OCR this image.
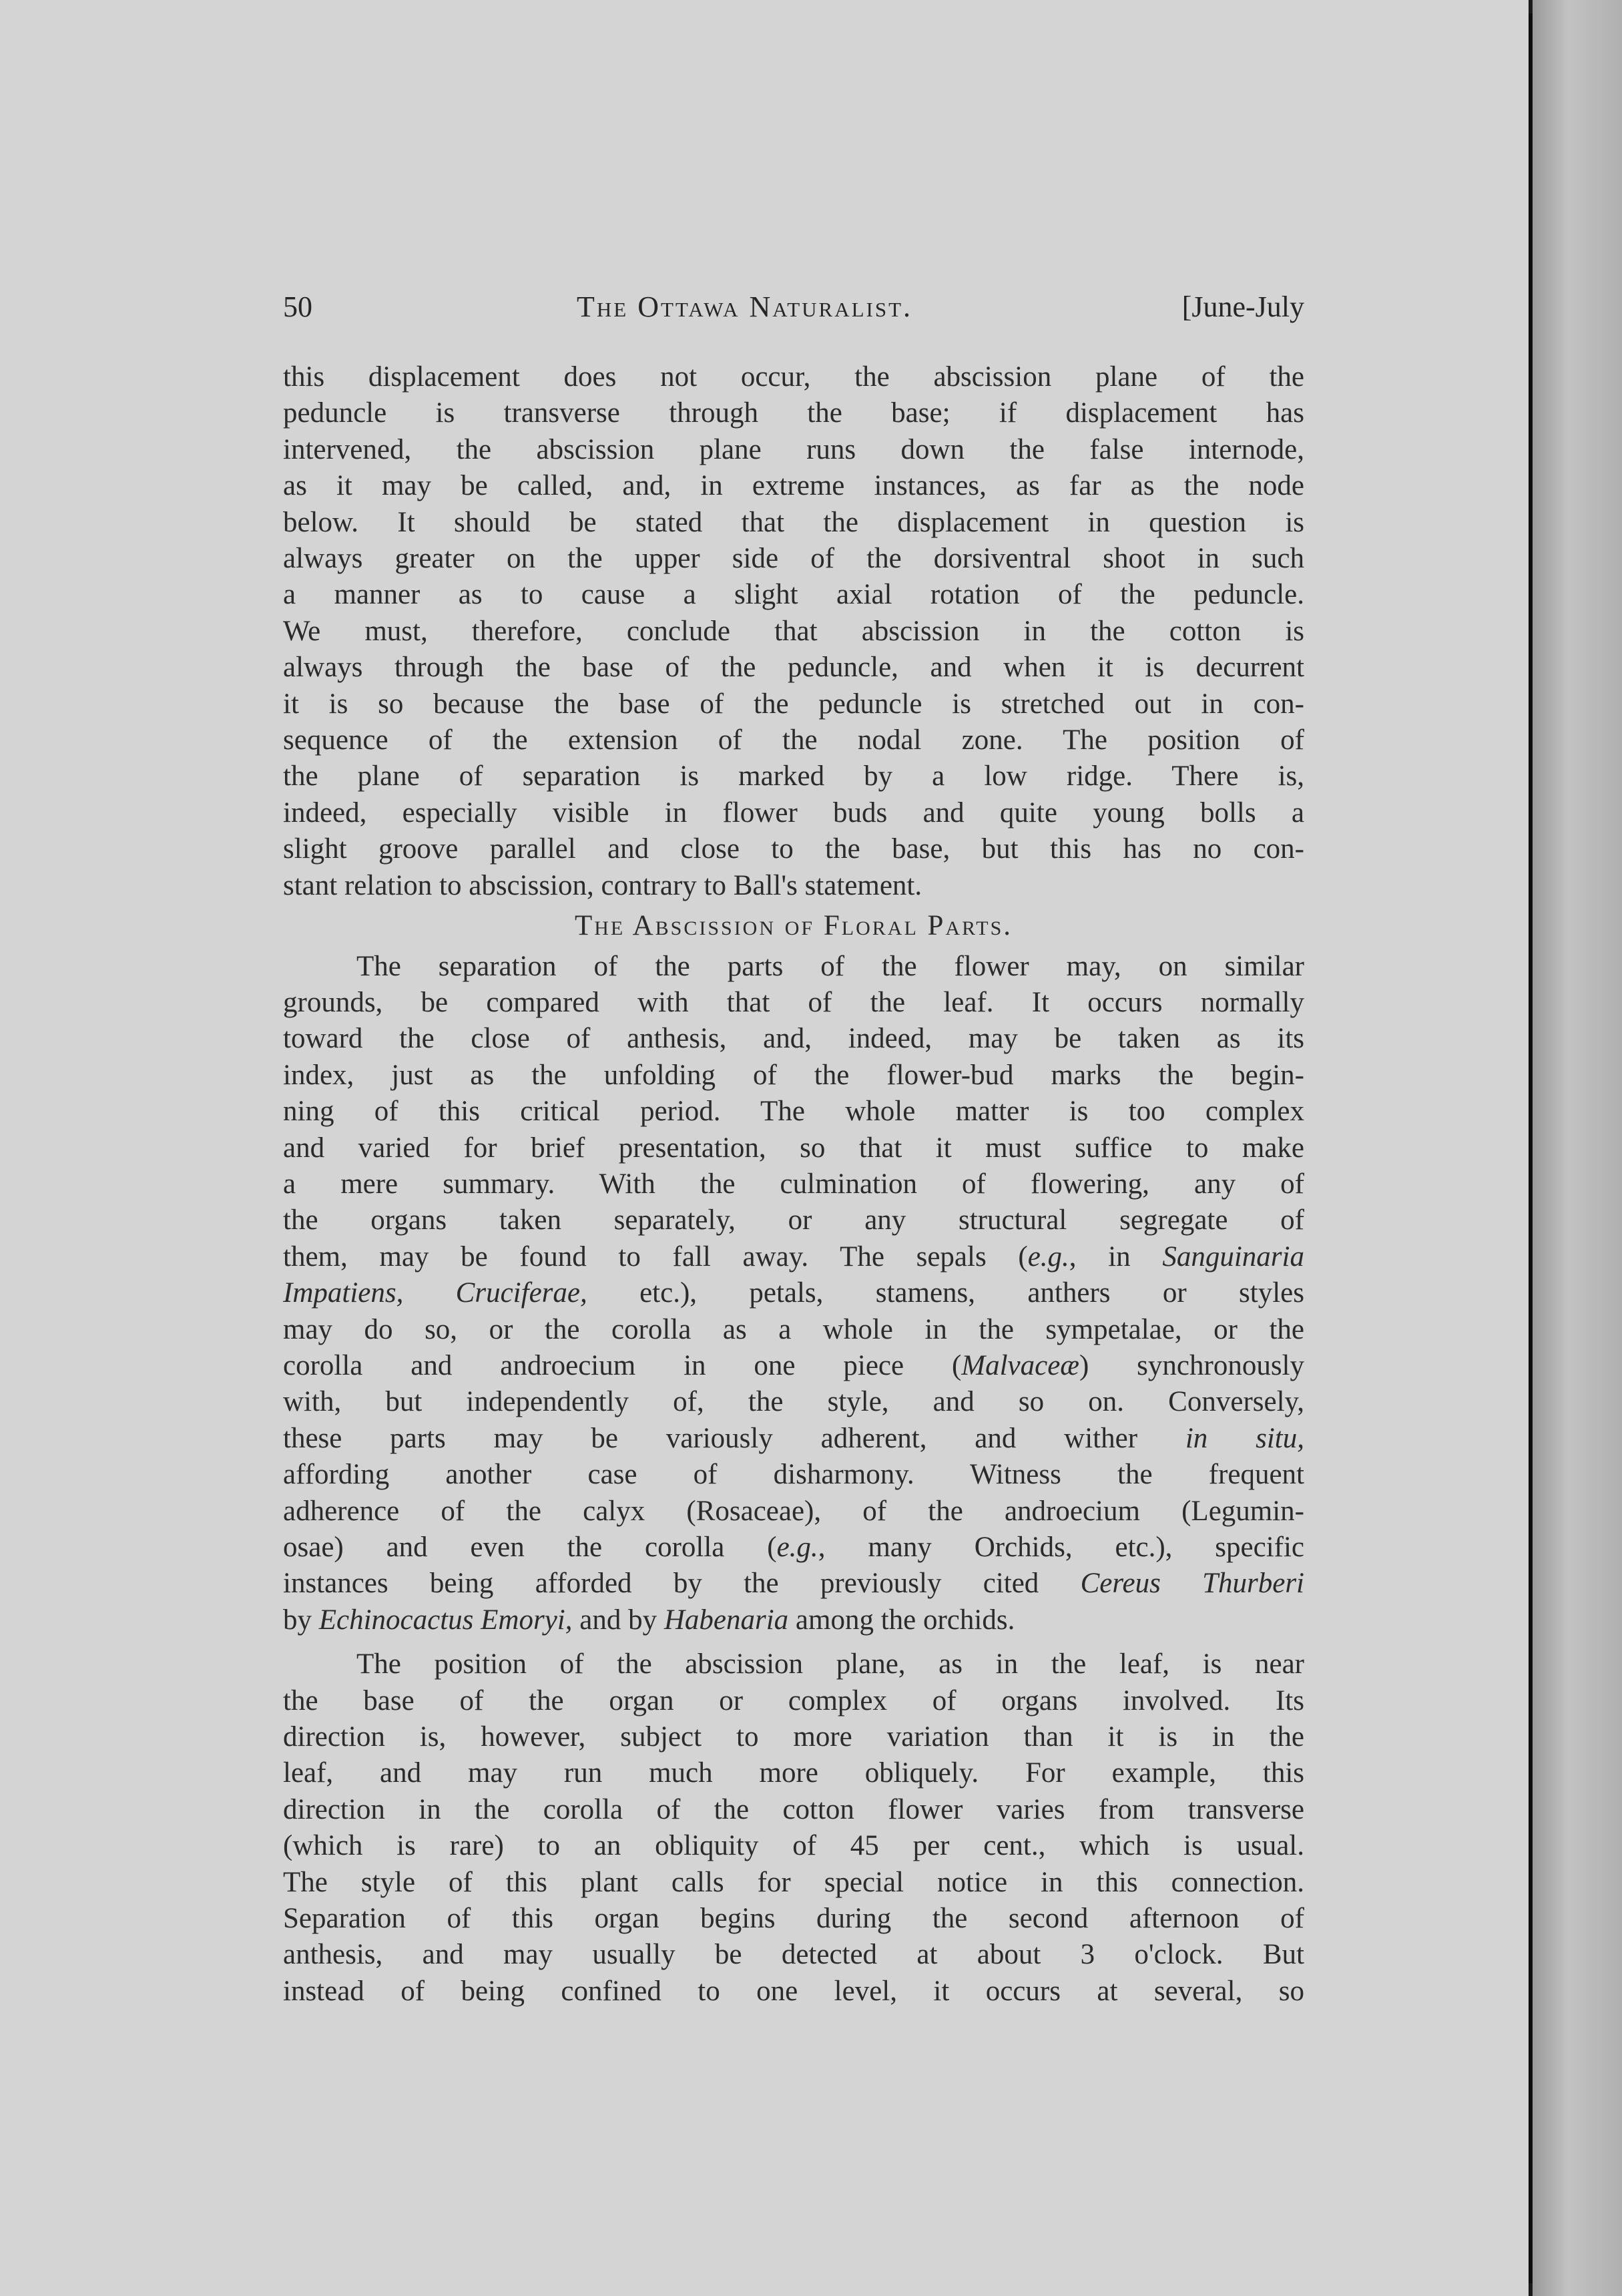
50	The Ottawa Naturalist.	[June-July

this displacement does not occur, the abscission plane of the

peduncle is transverse through the base; if displacement has

intervened, the abscission plane runs down the false internode,

as it may be called, and, in extreme instances, as far as the node

below. It should be stated that the displacement in question is

always greater on the upper side of the dorsiventral shoot in such

a manner as to cause a slight axial rotation of the peduncle.

We must, therefore, conclude that abscission in the cotton is

always through the base of the peduncle, and when it is decurrent

it is so because the base of the peduncle is stretched out in con-

sequence of the extension of the nodal zone. The position of

the plane of separation is marked by a low ridge. There is,

indeed, especially visible in flower buds and quite young bolls a

slight groove parallel and close to the base, but this has no con-

stant relation to abscission, contrary to Ball's statement.

The Abscission of Floral Parts.

The separation of the parts of the flower may, on similar

grounds, be compared with that of the leaf. It occurs normally

toward the close of anthesis, and, indeed, may be taken as its

index, just as the unfolding of the flower-bud marks the begin-

ning of this critical period. The whole matter is too complex

and varied for brief presentation, so that it must suffice to make

a mere summary. With the culmination of flowering, any of

the organs taken separately, or any structural segregate of

them, may be found to fall away. The sepals (e.g., in Sanguinaria

Impatiens, Cruciferae, etc.), petals, stamens, anthers or styles

may do so, or the corolla as a whole in the sympetalae, or the

corolla and androecium in one piece (Malvaceæ) synchronously

with, but independently of, the style, and so on. Conversely,

these parts may be variously adherent, and wither in situ,

affording another case of disharmony. Witness the frequent

adherence of the calyx (Rosaceae), of the androecium (Legumin-

osae) and even the corolla (e.g., many Orchids, etc.), specific

instances being afforded by the previously cited Cereus Thurberi

by Echinocactus Emoryi, and by Habenaria among the orchids.

The position of the abscission plane, as in the leaf, is near

the base of the organ or complex of organs involved. Its

direction is, however, subject to more variation than it is in the

leaf, and may run much more obliquely. For example, this

direction in the corolla of the cotton flower varies from transverse

(which is rare) to an obliquity of 45 per cent., which is usual.

The style of this plant calls for special notice in this connection.

Separation of this organ begins during the second afternoon of

anthesis, and may usually be detected at about 3 o'clock. But

instead of being confined to one level, it occurs at several, so
